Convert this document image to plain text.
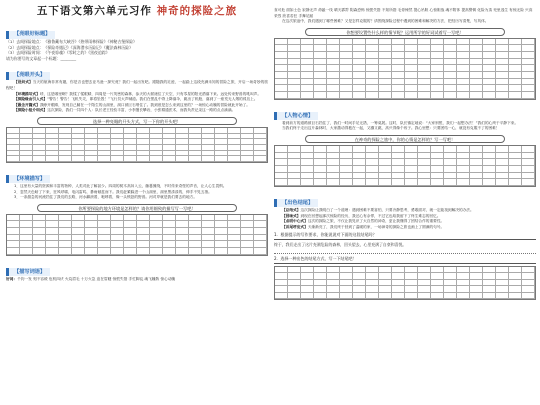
五下语文第六单元习作 神奇的探险之旅
【亮眼好标题】
（1）去间探险地点：《雅鲁藏布大峡谷》《热带雨林探险》《神秘古堡探险》
（2）去间探险地点：《探险奇遇记》《深海潜水历险记》《魔法森林历险》
（3）去间探险时间：《午夜惊魂》《零时之约》《黑夜追踪》
请为你要写的文章起一个标题：________
【亮眼开头】
【设问式】当天的航海非常有趣，你是否也想去亚马逊一探究竟？我们一起出发吧。跟随我的足迹，一起踏上这段充满未知的冒险之旅，开启一场奇妙的旅程吧！
【环境描写式】呼，这是哪里啊？我揉了揉眼睛，四周是一片茂密的森林，参天的大树遮住了天空，只有零星的阳光洒落下来。远处传来野兽的吼叫声。
【探险缘由引入式】“警告！警告！飞机失灵，即将坠毁！”飞行员大声喊道。我们在慌乱中背上降落伞，跳出了机舱，落到了一座荒无人烟的孤岛上。
【悬念开篇式】我睁开眼睛，发现自己躺在一个陌生的山洞里，洞口被巨石堵住了。我到底是怎么来到这里的？一场惊心动魄的冒险就此开始了。
【探险小组介绍式】这次探险，我们一共四个人：队长老王经验丰富，小李擅长攀岩，小张精通医术，而我负责记录这一路的点点滴滴。
选择一种亮眼的开头方式，写一下你的开头吧！
【环境描写】
1．这里有大量的资源和丰富的物种，人类对此了解甚少。四周的树木高耸入云，藤蔓缠绕，不时传来奇怪的声音，让人心生畏惧。
2．忽然天色暗了下来，狂风呼啸，电闪雷鸣，暴雨倾盆而下。我们赶紧躲进一个山洞里，洞里黑漆漆的，伸手不见五指。
3．一条湍急的河流挡住了我们的去路，河水翻滚着，咆哮着，像一头愤怒的野兽。河对岸就是我们要去的地方。
你所要探险的地方环境是怎样的？请你用细致的描写写一写吧！
【描写词语】
好词：千钧一发 刻不容缓 危机四伏 火烧眉毛 十万火急 迫在眉睫 惊慌失措 手忙脚乱 魂飞魄散 惊心动魄
食可危 面如土色 寂静无声 命悬一线 晴天霹雳 阴森恐怖 惊慌失措 不知所措 毛骨悚然 提心吊胆 心惊胆战 魂不附体 提高警惕 化险为夷 死里逃生 有惊无险 兴高采烈 欣喜若狂 手舞足蹈
在这次旅途中，我们遇到了哪些困难？又是怎样克服的？请围绕探险过程中遇到的困难和解决的方法，把经历写清楚，写具体。
你想要设置些什么样的情节呢？运用所学的好词试着写一写吧！
【人物心情】
看到前方的道路被巨石挡住了，我们一时间手足无措，一筹莫展。这时，队长镇定地说：“大家别慌，我们一起想办法！”我们的心终于平静下来。
当我们终于走出这片森林时，大家激动得抱在一起，又蹦又跳，高兴得像个孩子。我心里想：只要团结一心，就没有克服不了的困难！
在神奇的探险之旅中，你的心情是怎样的？写一写吧！
【出色结尾】
【总结式】这次探险让我明白了一个道理：遇到困难不要害怕，只要冷静思考，勇敢面对，就一定能找到解决的办法。
【回味式】到现在回想起那次惊险的经历，我还心有余悸，不过它也给我留下了终生难忘的回忆。
【点明中心式】这次的探险之旅，不仅让我见识了大自然的神奇，更让我懂得了团结合作的重要性。
【首尾呼应式】天渐渐亮了，我们终于回到了温暖的家，一场神奇的探险之旅也画上了圆满的句号。
1．根据提示的写作要求，你能说说对下面的这段结尾吗？
终于，我们走出了这片充满危险的森林，回头望去，心里充满了自豪和喜悦。
2．选择一种出色的结尾方式，写一下结尾吧！
